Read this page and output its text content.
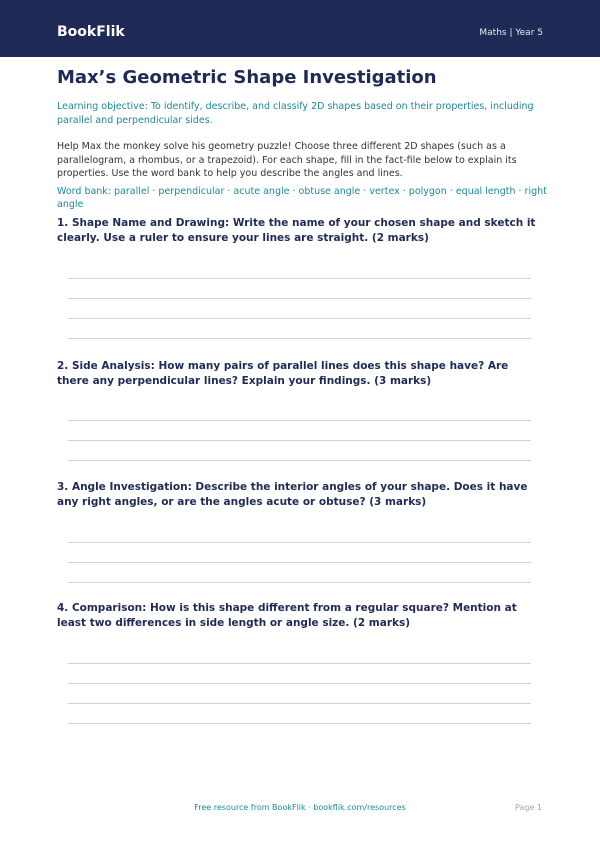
BookFlik	Maths | Year 5
Max’s Geometric Shape Investigation

Learning objective: To identify, describe, and classify 2D shapes based on their properties, including parallel and perpendicular sides.

Help Max the monkey solve his geometry puzzle! Choose three different 2D shapes (such as a parallelogram, a rhombus, or a trapezoid). For each shape, fill in the fact-file below to explain its properties. Use the word bank to help you describe the angles and lines.

Word bank: parallel · perpendicular · acute angle · obtuse angle · vertex · polygon · equal length · right angle

1. Shape Name and Drawing: Write the name of your chosen shape and sketch it clearly. Use a ruler to ensure your lines are straight. (2 marks)

2. Side Analysis: How many pairs of parallel lines does this shape have? Are there any perpendicular lines? Explain your findings. (3 marks)

3. Angle Investigation: Describe the interior angles of your shape. Does it have any right angles, or are the angles acute or obtuse? (3 marks)

4. Comparison: How is this shape different from a regular square? Mention at least two differences in side length or angle size. (2 marks)

Free resource from BookFlik · bookflik.com/resources	Page 1
